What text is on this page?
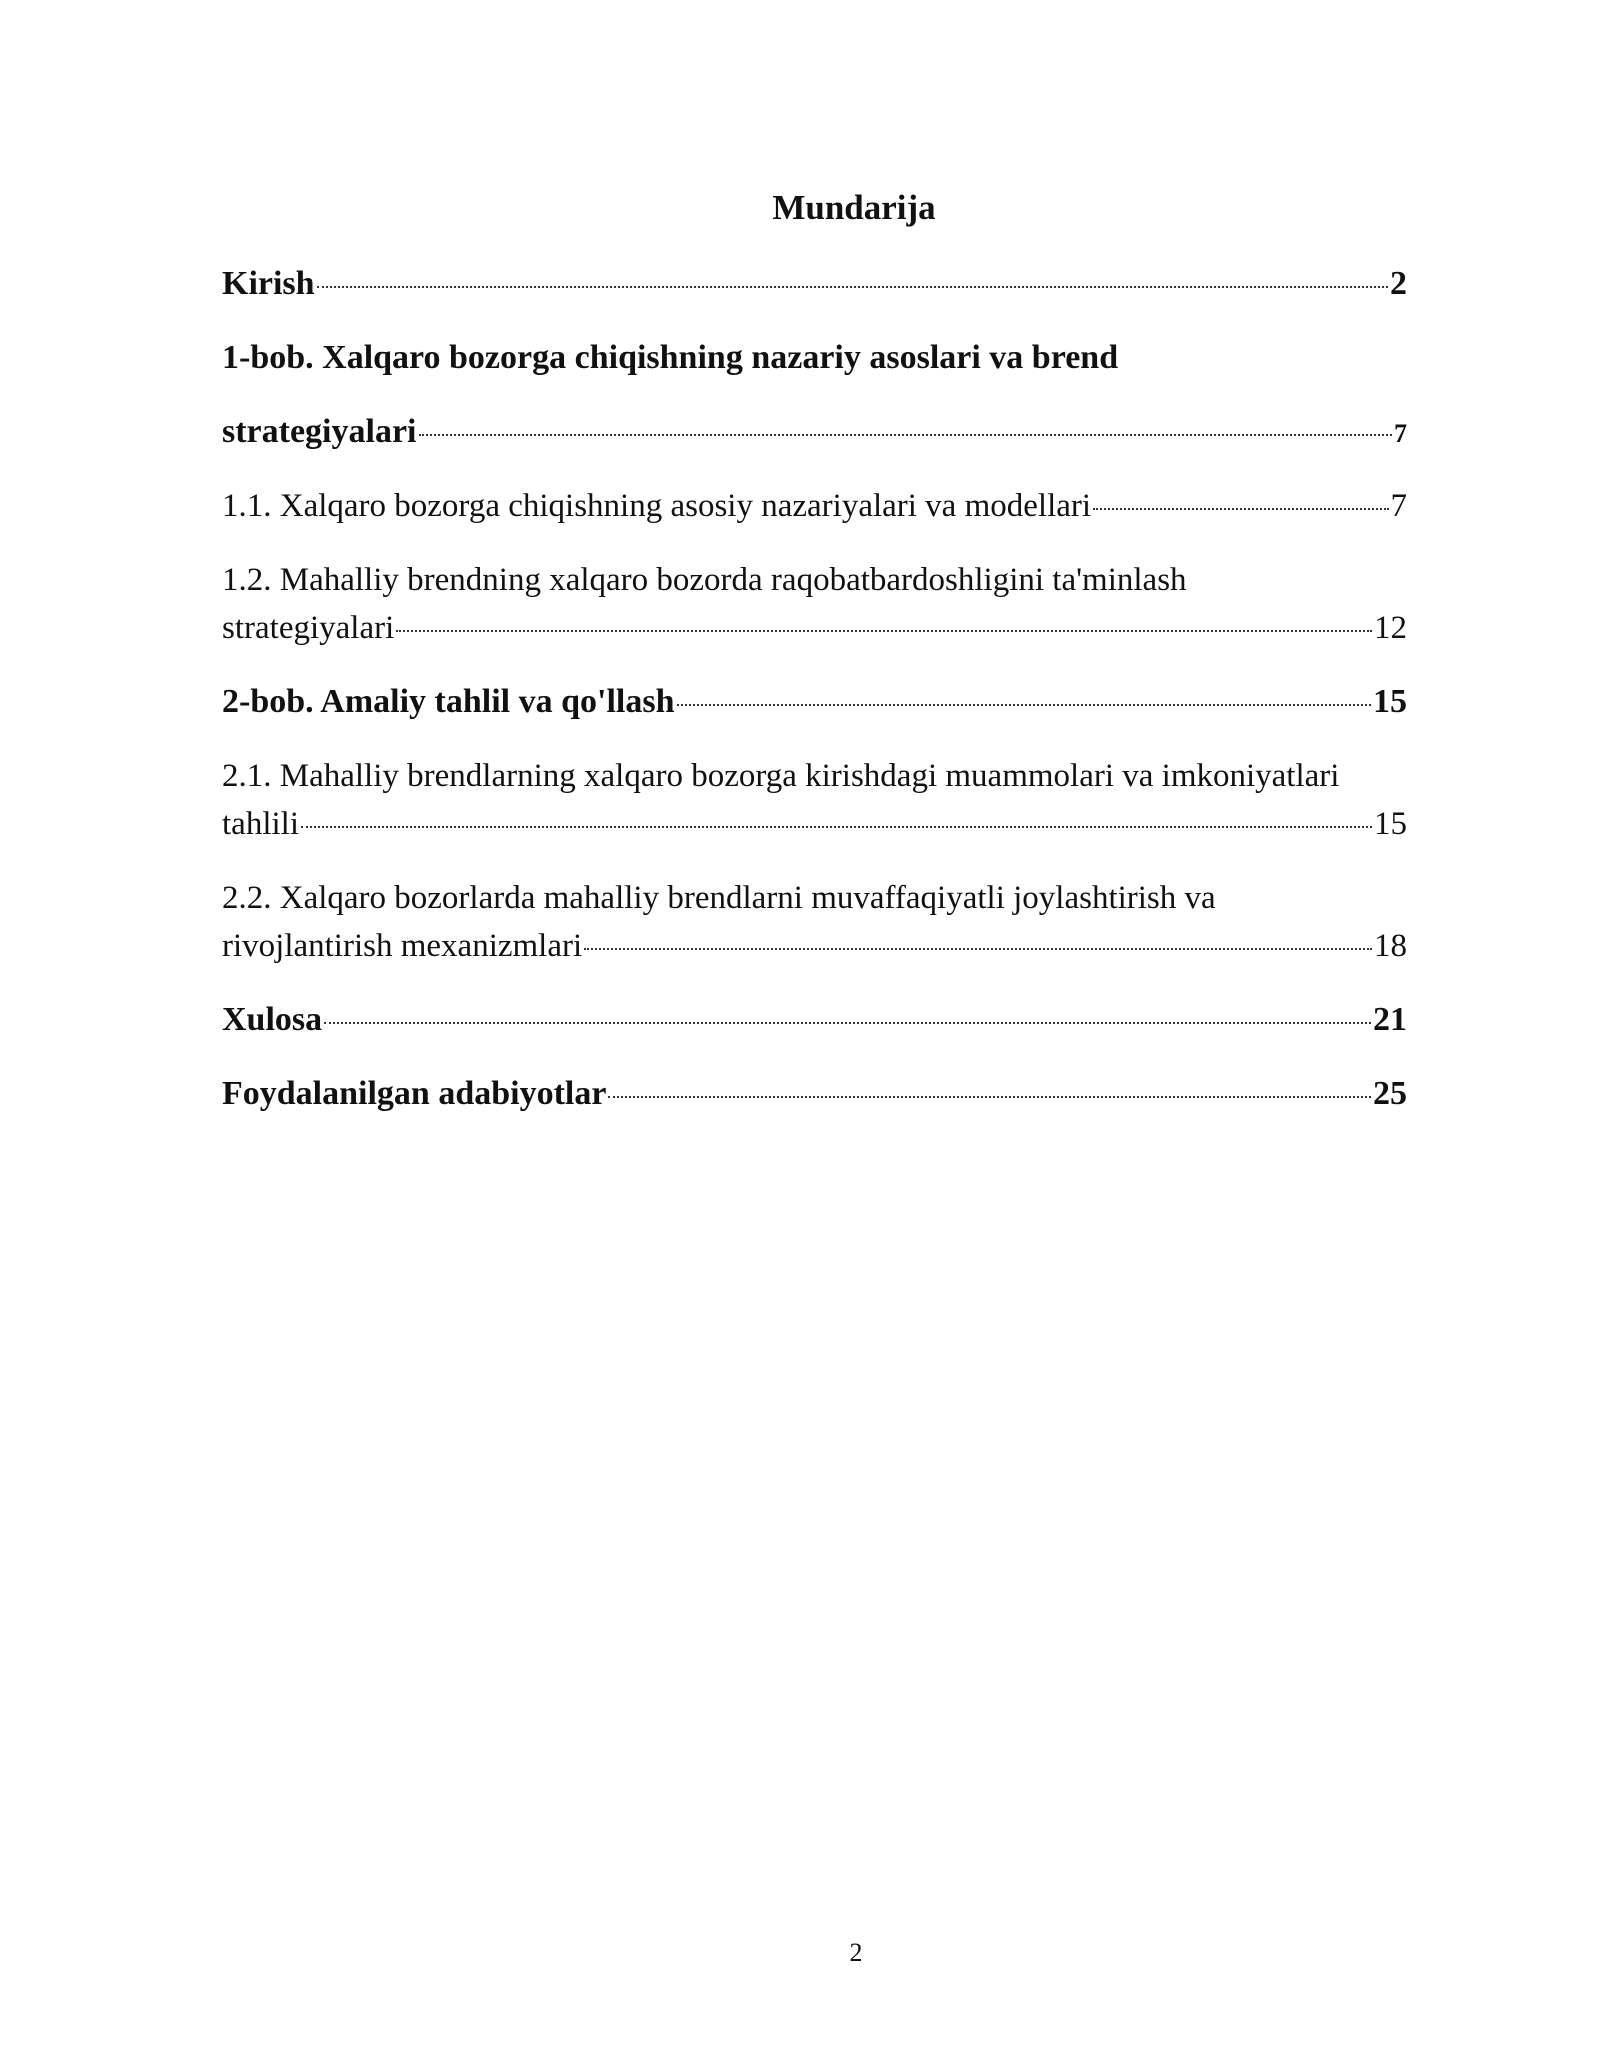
Mundarija
Kirish	2
1-bob. Xalqaro bozorga chiqishning nazariy asoslari va brend
strategiyalari	7
1.1. Xalqaro bozorga chiqishning asosiy nazariyalari va modellari	7
1.2. Mahalliy brendning xalqaro bozorda raqobatbardoshligini ta'minlash
strategiyalari	12
2-bob. Amaliy tahlil va qo'llash	15
2.1. Mahalliy brendlarning xalqaro bozorga kirishdagi muammolari va imkoniyatlari
tahlili	15
2.2. Xalqaro bozorlarda mahalliy brendlarni muvaffaqiyatli joylashtirish va
rivojlantirish mexanizmlari	18
Xulosa	21
Foydalanilgan adabiyotlar	25
2
